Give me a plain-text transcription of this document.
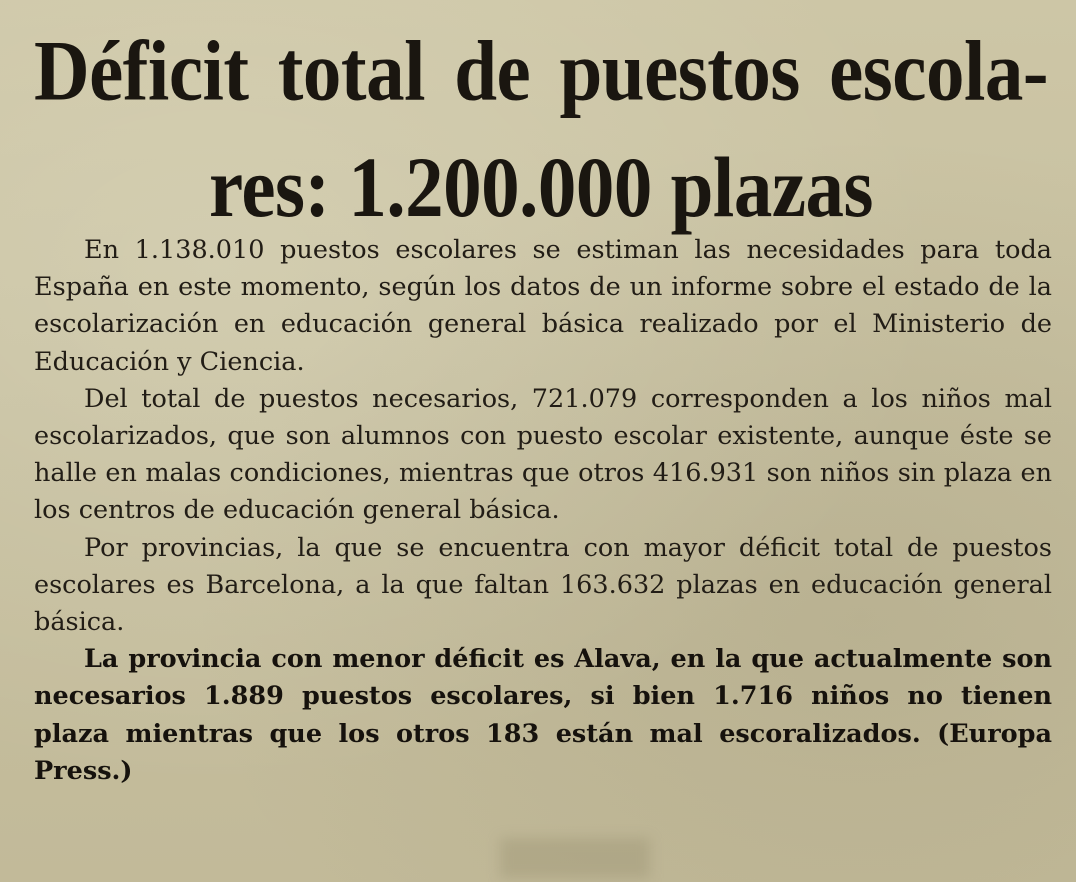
Déficit total de puestos escola-
res: 1.200.000 plazas

En 1.138.010 puestos escolares se estiman las necesidades para toda España en este momento, según los datos de un informe sobre el estado de la escolarización en educación general básica realizado por el Ministerio de Educación y Ciencia.

Del total de puestos necesarios, 721.079 corresponden a los niños mal escolarizados, que son alumnos con puesto escolar existente, aunque éste se halle en malas condiciones, mientras que otros 416.931 son niños sin plaza en los centros de educación general básica.

Por provincias, la que se encuentra con mayor déficit total de puestos escolares es Barcelona, a la que faltan 163.632 plazas en educación general básica.

La provincia con menor déficit es Alava, en la que actualmente son necesarios 1.889 puestos escolares, si bien 1.716 niños no tienen plaza mientras que los otros 183 están mal escoralizados. (Europa Press.)
